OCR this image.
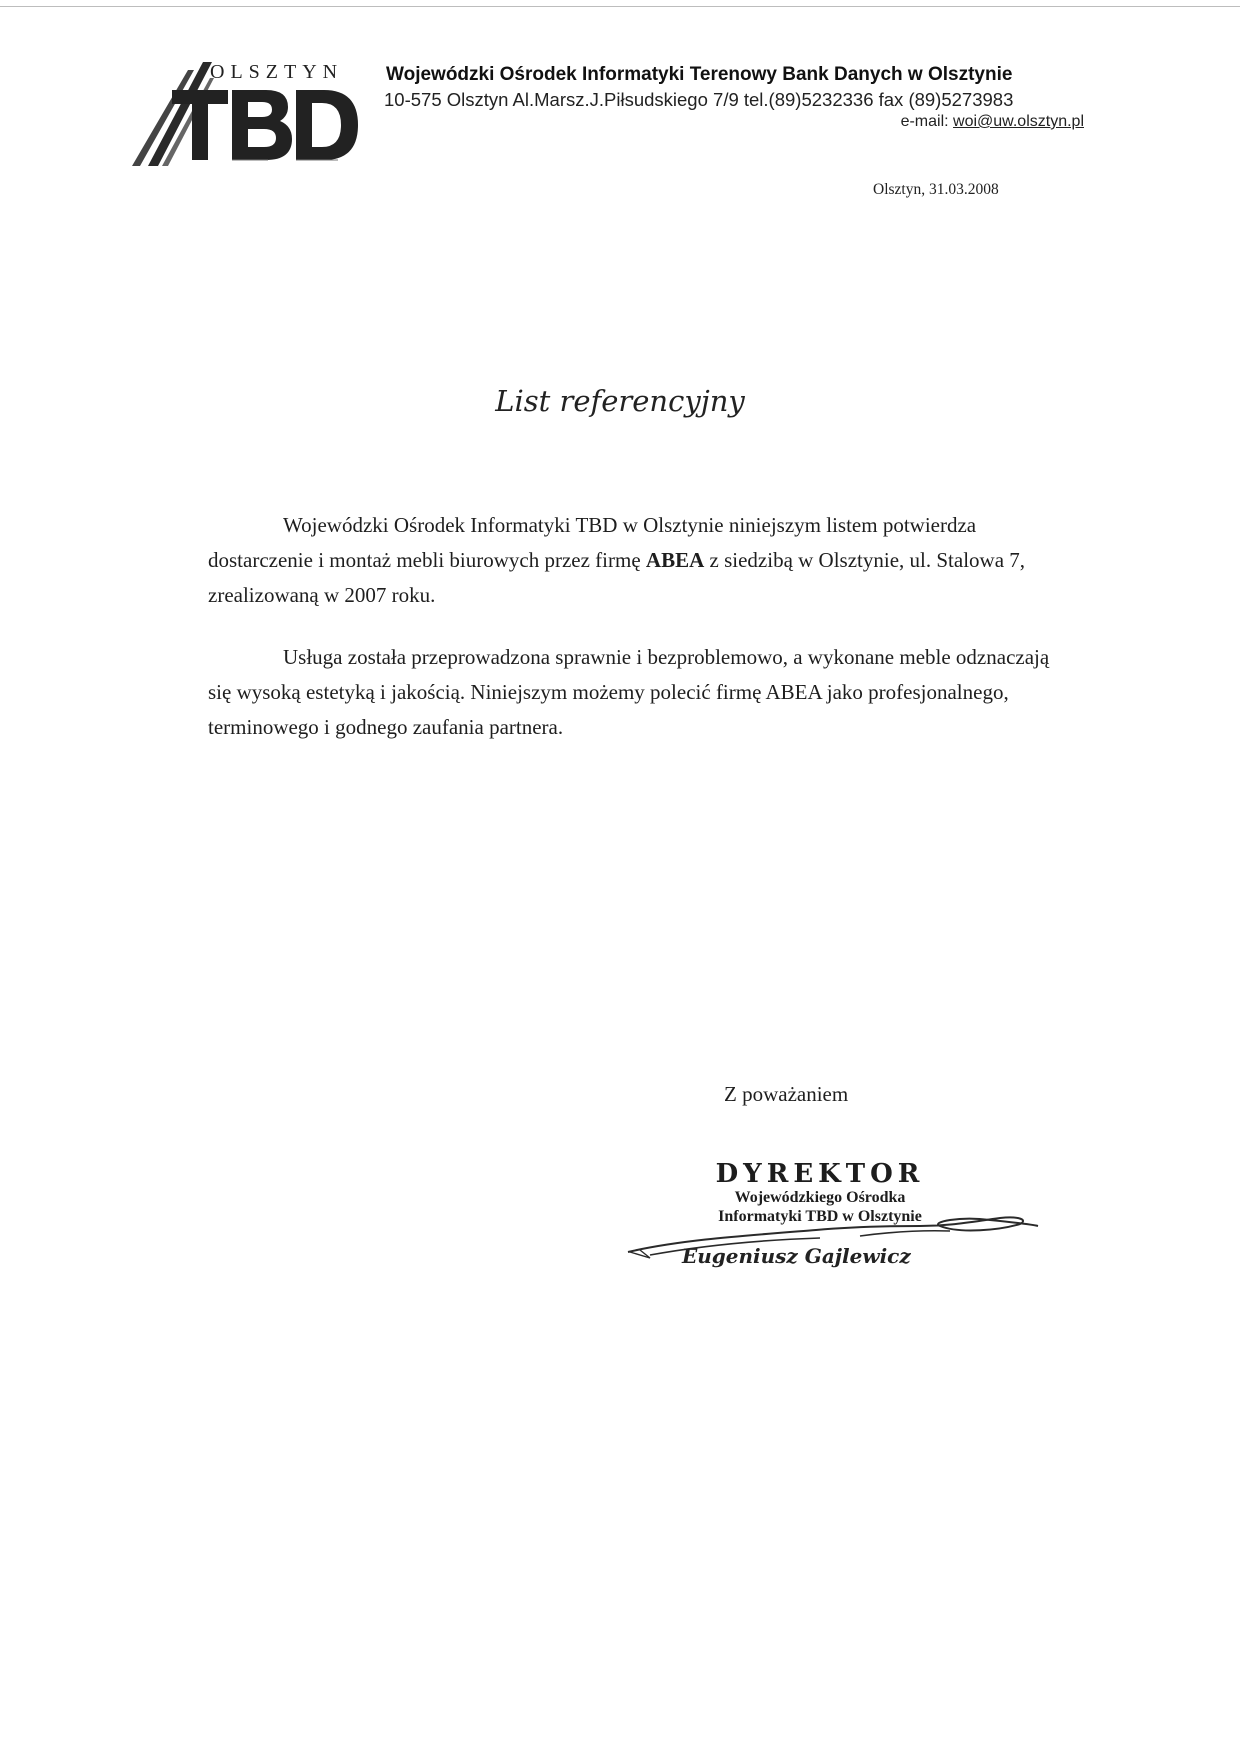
OLSZTYN Wojewódzki Ośrodek Informatyki Terenowy Bank Danych w Olsztynie
10-575 Olsztyn Al.Marsz.J.Piłsudskiego 7/9 tel.(89)5232336 fax (89)5273983
e-mail: woi@uw.olsztyn.pl
Olsztyn, 31.03.2008
List referencyjny

Wojewódzki Ośrodek Informatyki TBD w Olsztynie niniejszym listem potwierdza dostarczenie i montaż mebli biurowych przez firmę ABEA z siedzibą w Olsztynie, ul. Stalowa 7, zrealizowaną w 2007 roku.

Usługa została przeprowadzona sprawnie i bezproblemowo, a wykonane meble odznaczają się wysoką estetyką i jakością. Niniejszym możemy polecić firmę ABEA jako profesjonalnego, terminowego i godnego zaufania partnera.

Z poważaniem
DYREKTOR
Wojewódzkiego Ośrodka
Informatyki TBD w Olsztynie
Eugeniusz Gajlewicz
